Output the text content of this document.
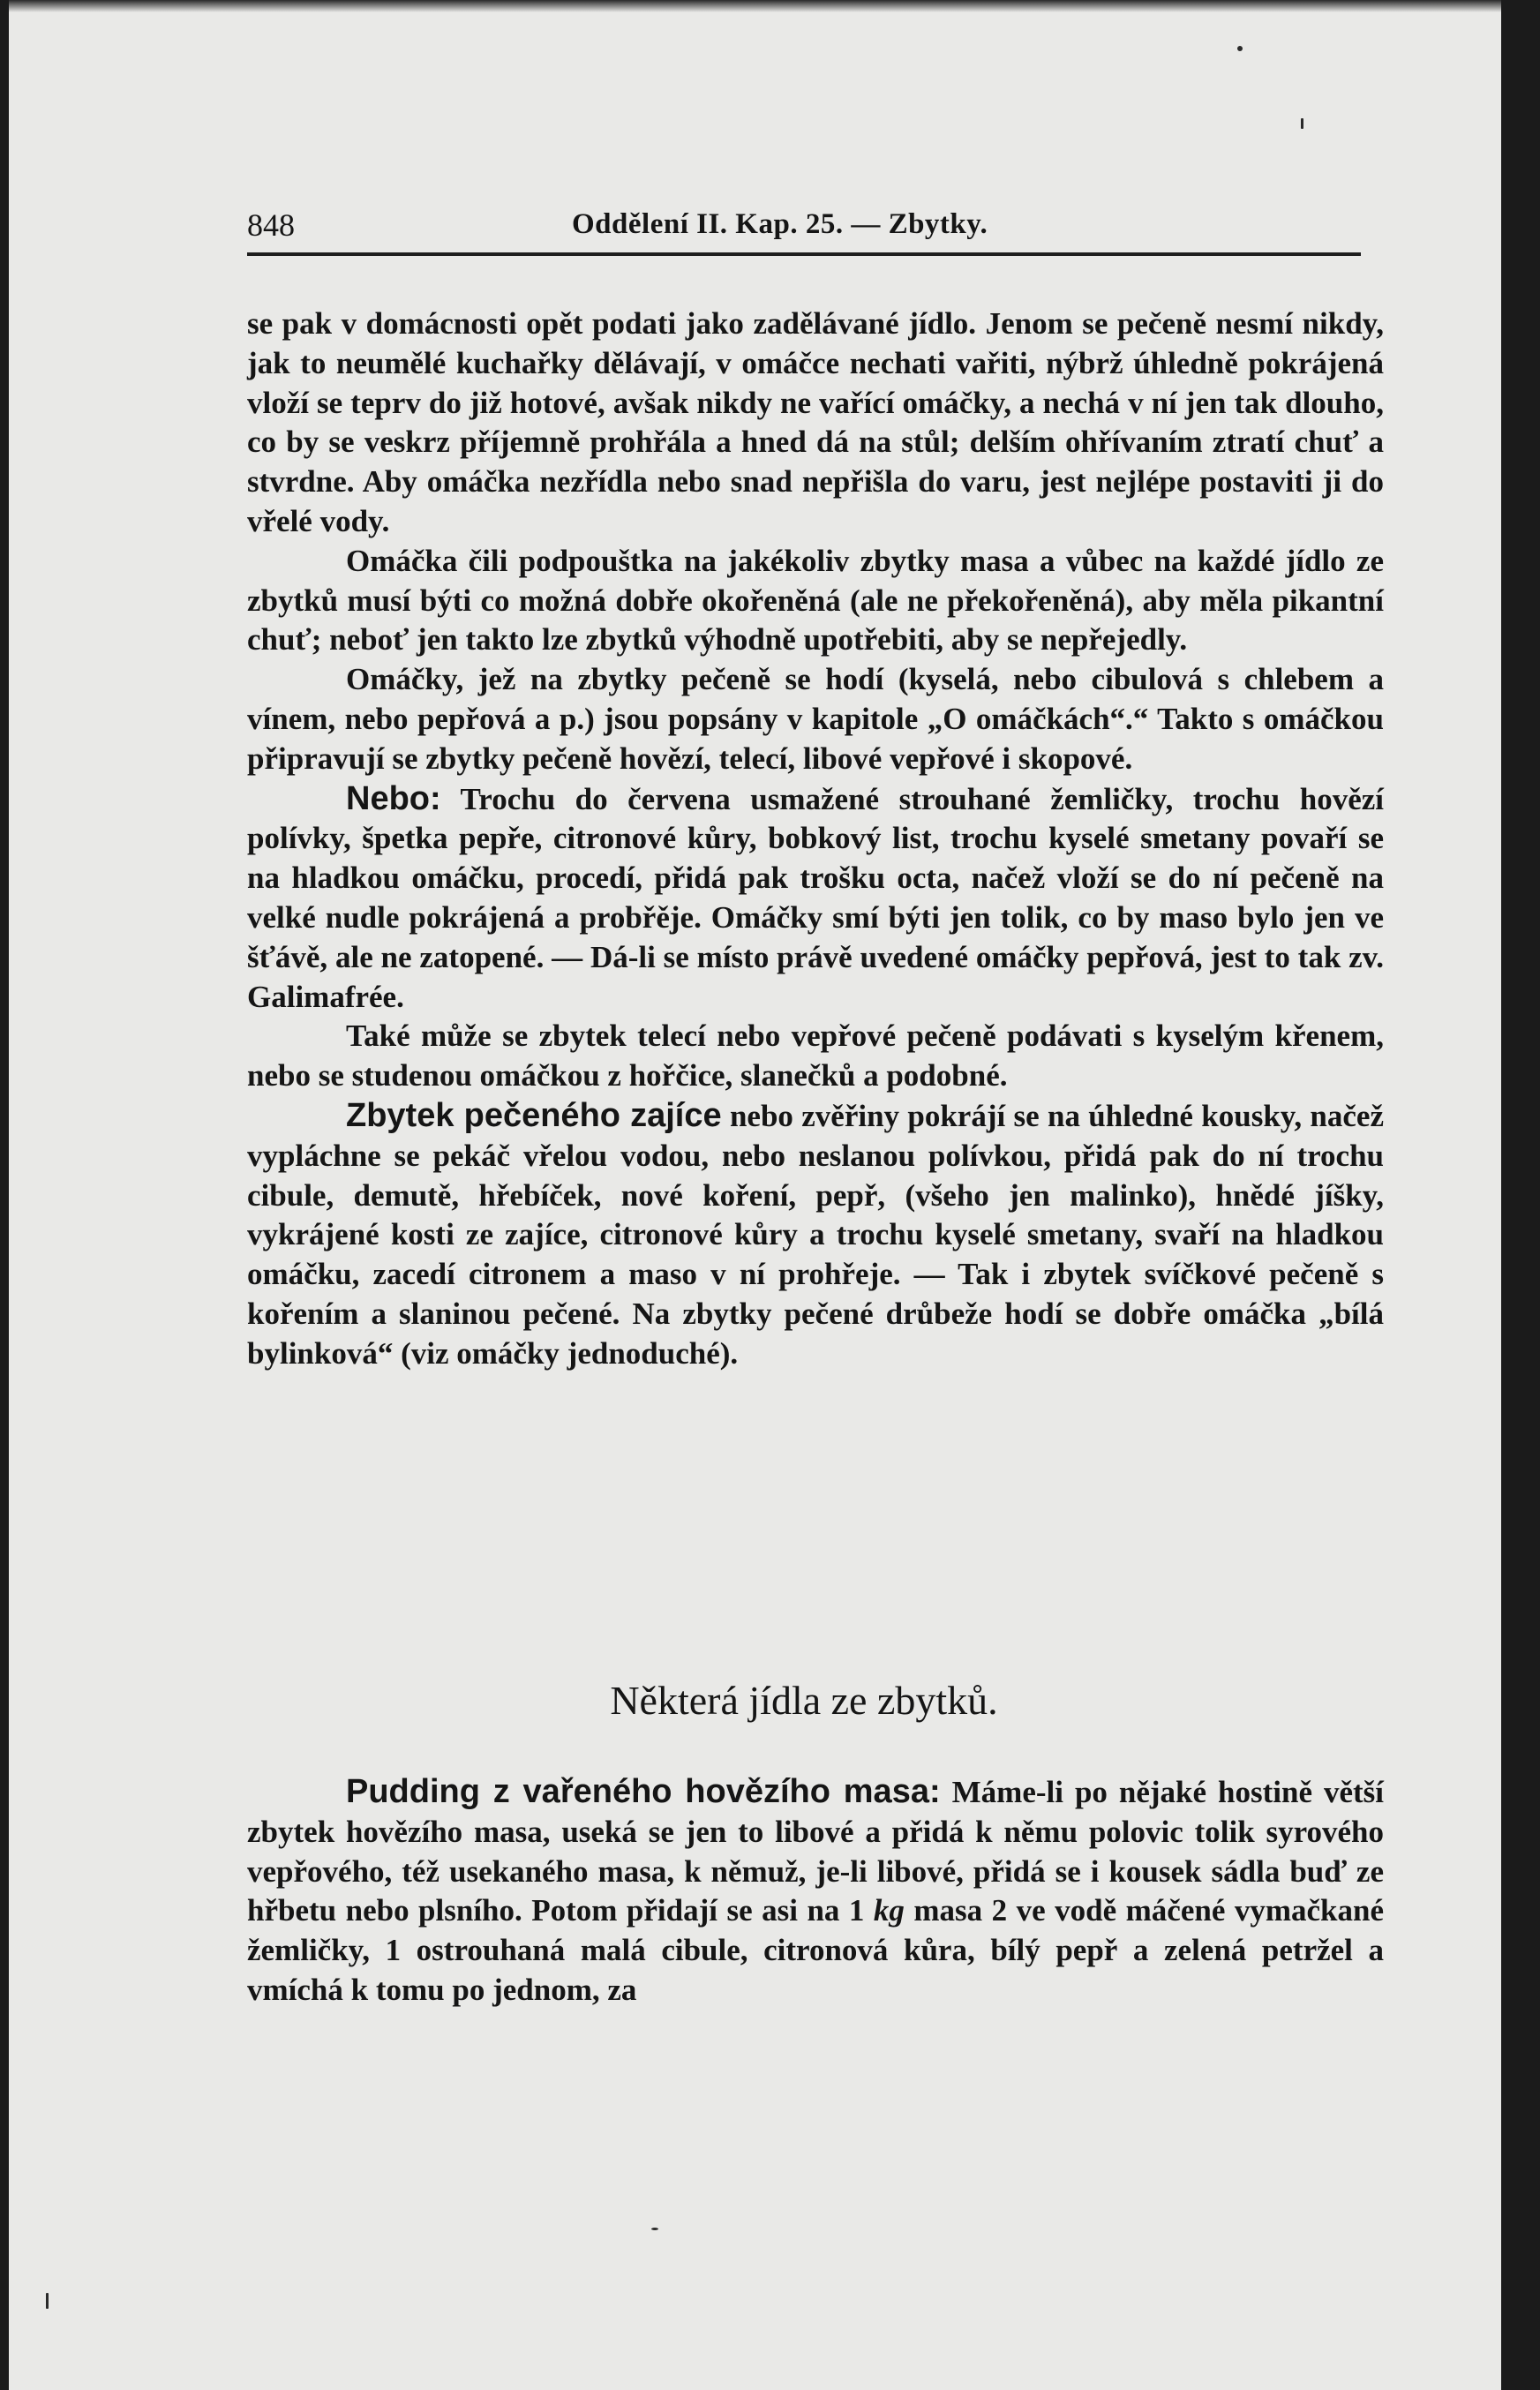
848	Oddělení II. Kap. 25. — Zbytky.

se pak v domácnosti opět podati jako zadělávané jídlo. Jenom se pečeně nesmí nikdy, jak to neumělé kuchařky dělávají, v omáčce nechati vařiti, nýbrž úhledně pokrájená vloží se teprv do již hotové, avšak nikdy ne vařící omáčky, a nechá v ní jen tak dlouho, co by se veskrz příjemně prohřála a hned dá na stůl; delším ohřívaním ztratí chuť a stvrdne. Aby omáčka nezřídla nebo snad nepřišla do varu, jest nejlépe postaviti ji do vřelé vody.

Omáčka čili podpouštka na jakékoliv zbytky masa a vůbec na každé jídlo ze zbytků musí býti co možná dobře okořeněná (ale ne překořeněná), aby měla pikantní chuť; neboť jen takto lze zbytků výhodně upotřebiti, aby se nepřejedly.

Omáčky, jež na zbytky pečeně se hodí (kyselá, nebo cibulová s chlebem a vínem, nebo pepřová a p.) jsou popsány v kapitole „O omáčkách“.“ Takto s omáčkou připravují se zbytky pečeně hovězí, telecí, libové vepřové i skopové.

Nebo: Trochu do červena usmažené strouhané žemličky, trochu hovězí polívky, špetka pepře, citronové kůry, bobkový list, trochu kyselé smetany povaří se na hladkou omáčku, procedí, přidá pak trošku octa, načež vloží se do ní pečeně na velké nudle pokrájená a probřěje. Omáčky smí býti jen tolik, co by maso bylo jen ve šťávě, ale ne zatopené. — Dá-li se místo právě uvedené omáčky pepřová, jest to tak zv. Galimafrée.

Také může se zbytek telecí nebo vepřové pečeně podávati s kyselým křenem, nebo se studenou omáčkou z hořčice, slanečků a podobné.

Zbytek pečeného zajíce nebo zvěřiny pokrájí se na úhledné kousky, načež vypláchne se pekáč vřelou vodou, nebo neslanou polívkou, přidá pak do ní trochu cibule, demutě, hřebíček, nové koření, pepř, (všeho jen malinko), hnědé jíšky, vykrájené kosti ze zajíce, citronové kůry a trochu kyselé smetany, svaří na hladkou omáčku, zacedí citronem a maso v ní prohřeje. — Tak i zbytek svíčkové pečeně s kořením a slaninou pečené. Na zbytky pečené drůbeže hodí se dobře omáčka „bílá bylinková“ (viz omáčky jednoduché).

Některá jídla ze zbytků.

Pudding z vařeného hovězího masa: Máme-li po nějaké hostině větší zbytek hovězího masa, useká se jen to libové a přidá k němu polovic tolik syrového vepřového, též usekaného masa, k němuž, je-li libové, přidá se i kousek sádla buď ze hřbetu nebo plsního. Potom přidají se asi na 1 kg masa 2 ve vodě máčené vymačkané žemličky, 1 ostrouhaná malá cibule, citronová kůra, bílý pepř a zelená petržel a vmíchá k tomu po jednom, za
